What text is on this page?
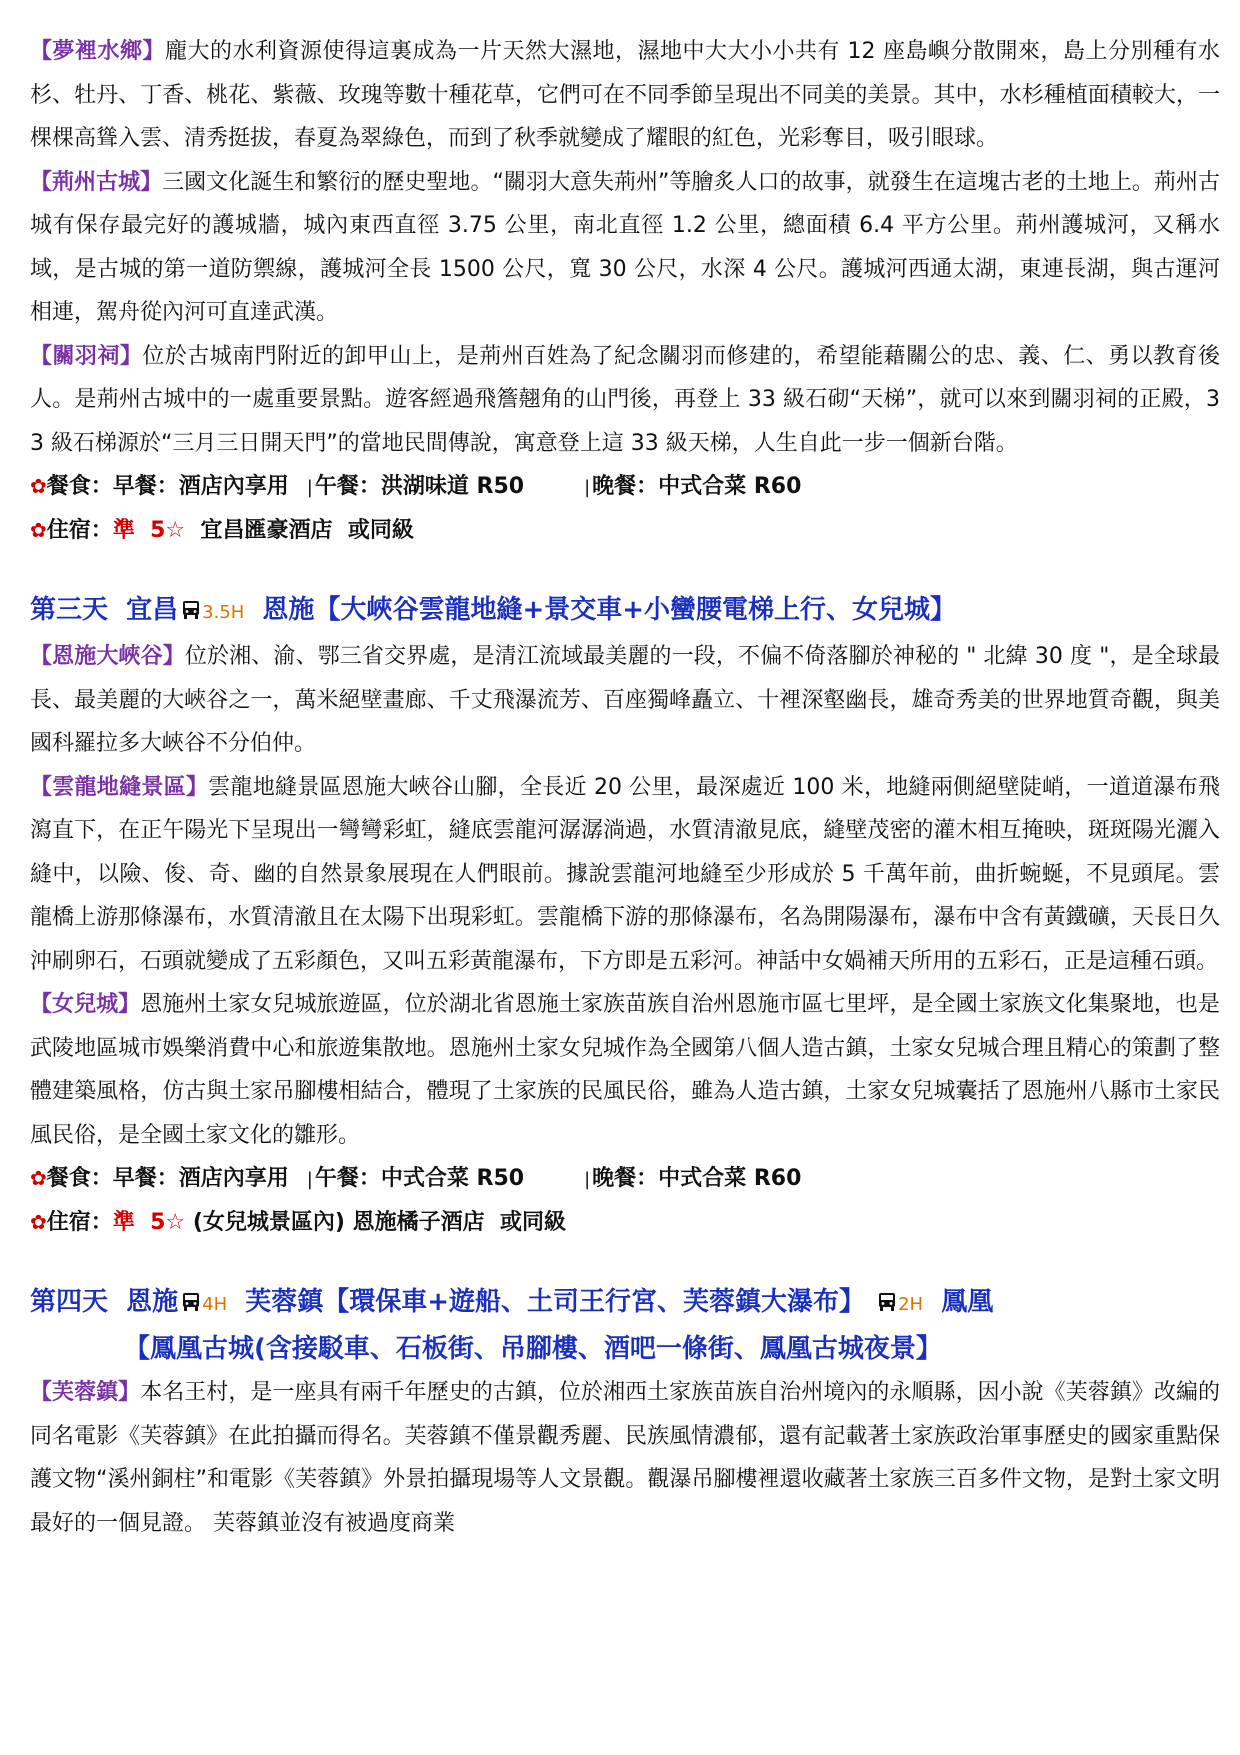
【夢裡水鄉】龐大的水利資源使得這裏成為一片天然大濕地，濕地中大大小小共有 12 座島嶼分散開來，島上分別種有水杉、牡丹、丁香、桃花、紫薇、玫瑰等數十種花草，它們可在不同季節呈現出不同美的美景。其中，水杉種植面積較大，一棵棵高聳入雲、清秀挺拔，春夏為翠綠色，而到了秋季就變成了耀眼的紅色，光彩奪目，吸引眼球。

【荊州古城】三國文化誕生和繁衍的歷史聖地。“關羽大意失荊州”等膾炙人口的故事，就發生在這塊古老的土地上。荊州古城有保存最完好的護城牆，城內東西直徑 3.75 公里，南北直徑 1.2 公里，總面積 6.4 平方公里。荊州護城河，又稱水域，是古城的第一道防禦線，護城河全長 1500 公尺，寬 30 公尺，水深 4 公尺。護城河西通太湖，東連長湖，與古運河相連，駕舟從內河可直達武漢。

【關羽祠】位於古城南門附近的卸甲山上，是荊州百姓為了紀念關羽而修建的，希望能藉關公的忠、義、仁、勇以教育後人。是荊州古城中的一處重要景點。遊客經過飛簷翹角的山門後，再登上 33 級石砌“天梯”，就可以來到關羽祠的正殿，33 級石梯源於“三月三日開天門”的當地民間傳說，寓意登上這 33 級天梯，人生自此一步一個新台階。

✿餐食：早餐：酒店內享用 |午餐：洪湖味道 R50	|晚餐：中式合菜 R60

✿住宿：準 5☆ 宜昌匯豪酒店 或同級

第三天 宜昌 3.5H 恩施【大峽谷雲龍地縫+景交車+小蠻腰電梯上行、女兒城】

【恩施大峽谷】位於湘、渝、鄂三省交界處，是清江流域最美麗的一段，不偏不倚落腳於神秘的 " 北緯 30 度 "，是全球最長、最美麗的大峽谷之一，萬米絕壁畫廊、千丈飛瀑流芳、百座獨峰矗立、十裡深壑幽長，雄奇秀美的世界地質奇觀，與美國科羅拉多大峽谷不分伯仲。

【雲龍地縫景區】雲龍地縫景區恩施大峽谷山腳，全長近 20 公里，最深處近 100 米，地縫兩側絕壁陡峭，一道道瀑布飛瀉直下，在正午陽光下呈現出一彎彎彩虹，縫底雲龍河潺潺淌過，水質清澈見底，縫壁茂密的灌木相互掩映，斑斑陽光灑入縫中，以險、俊、奇、幽的自然景象展現在人們眼前。據說雲龍河地縫至少形成於 5 千萬年前，曲折蜿蜒，不見頭尾。雲龍橋上游那條瀑布，水質清澈且在太陽下出現彩虹。雲龍橋下游的那條瀑布，名為開陽瀑布，瀑布中含有黃鐵礦，天長日久沖刷卵石，石頭就變成了五彩顏色，又叫五彩黃龍瀑布，下方即是五彩河。神話中女媧補天所用的五彩石，正是這種石頭。

【女兒城】恩施州土家女兒城旅遊區，位於湖北省恩施土家族苗族自治州恩施市區七里坪，是全國土家族文化集聚地，也是武陵地區城市娛樂消費中心和旅遊集散地。恩施州土家女兒城作為全國第八個人造古鎮，土家女兒城合理且精心的策劃了整體建築風格，仿古與土家吊腳樓相結合，體現了土家族的民風民俗，雖為人造古鎮，土家女兒城囊括了恩施州八縣市土家民風民俗，是全國土家文化的雛形。

✿餐食：早餐：酒店內享用 |午餐：中式合菜 R50	|晚餐：中式合菜 R60

✿住宿：準 5☆ (女兒城景區內) 恩施橘子酒店 或同級

第四天 恩施 4H 芙蓉鎮【環保車+遊船、土司王行宮、芙蓉鎮大瀑布】 2H 鳳凰

【鳳凰古城(含接駁車、石板街、吊腳樓、酒吧一條街、鳳凰古城夜景】

【芙蓉鎮】本名王村，是一座具有兩千年歷史的古鎮，位於湘西土家族苗族自治州境內的永順縣，因小說《芙蓉鎮》改編的同名電影《芙蓉鎮》在此拍攝而得名。芙蓉鎮不僅景觀秀麗、民族風情濃郁，還有記載著土家族政治軍事歷史的國家重點保護文物“溪州銅柱”和電影《芙蓉鎮》外景拍攝現場等人文景觀。觀瀑吊腳樓裡還收藏著土家族三百多件文物，是對土家文明最好的一個見證。 芙蓉鎮並沒有被過度商業
